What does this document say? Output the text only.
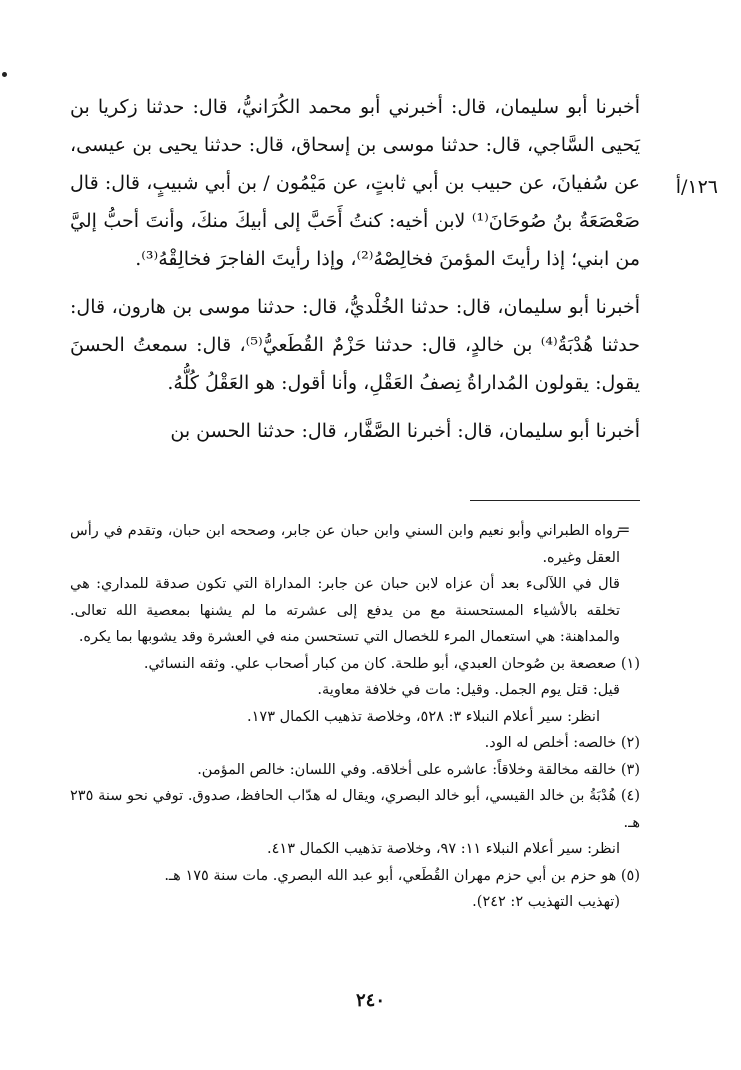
١٢٦/أ

أخبرنا أبو سليمان، قال: أخبرني أبو محمد الكُرَانيُّ، قال: حدثنا زكريا بن يَحيى السَّاجي، قال: حدثنا موسى بن إسحاق، قال: حدثنا يحيى بن عيسى، عن سُفيانَ، عن حبيب بن أبي ثابتٍ، عن مَيْمُون / بن أبي شبيبٍ، قال: قال صَعْصَعَةُ بنُ صُوحَانَ⁽¹⁾ لابن أخيه: كنتُ أَحَبَّ إلى أبيكَ منكَ، وأنتَ أحبُّ إليَّ من ابني؛ إذا رأيتَ المؤمنَ فخالِصْهُ⁽²⁾، وإذا رأيتَ الفاجرَ فخالِقْهُ⁽³⁾.

أخبرنا أبو سليمان، قال: حدثنا الخُلْديُّ، قال: حدثنا موسى بن هارون، قال: حدثنا هُدْبَةُ⁽⁴⁾ بن خالدٍ، قال: حدثنا حَزْمٌ القُطَعيُّ⁽⁵⁾، قال: سمعتُ الحسنَ يقول: يقولون المُداراةُ نِصفُ العَقْلِ، وأنا أقول: هو العَقْلُ كُلُّهُ.

أخبرنا أبو سليمان، قال: أخبرنا الصَّفَّار، قال: حدثنا الحسن بن

=

رواه الطبراني وأبو نعيم وابن السني وابن حبان عن جابر، وصححه ابن حبان، وتقدم في رأس العقل وغيره.

قال في اللآلىء بعد أن عزاه لابن حبان عن جابر: المداراة التي تكون صدقة للمداري: هي تخلقه بالأشياء المستحسنة مع من يدفع إلى عشرته ما لم يشنها بمعصية الله تعالى. والمداهنة: هي استعمال المرء للخصال التي تستحسن منه في العشرة وقد يشوبها بما يكره.

(١) صعصعة بن صُوحان العبدي، أبو طلحة. كان من كبار أصحاب علي. وثقه النسائي.

قيل: قتل يوم الجمل. وقيل: مات في خلافة معاوية.

انظر: سير أعلام النبلاء ٣: ٥٢٨، وخلاصة تذهيب الكمال ١٧٣.

(٢) خالصه: أخلص له الود.

(٣) خالقه مخالقة وخلاقاً: عاشره على أخلاقه. وفي اللسان: خالص المؤمن.

(٤) هُدْبَةُ بن خالد القيسي، أبو خالد البصري، ويقال له هدّاب الحافظ، صدوق. توفي نحو سنة ٢٣٥ هـ.

انظر: سير أعلام النبلاء ١١: ٩٧، وخلاصة تذهيب الكمال ٤١٣.

(٥) هو حزم بن أبي حزم مهران القُطَعي، أبو عبد الله البصري. مات سنة ١٧٥ هـ.

(تهذيب التهذيب ٢: ٢٤٢).

٢٤٠
